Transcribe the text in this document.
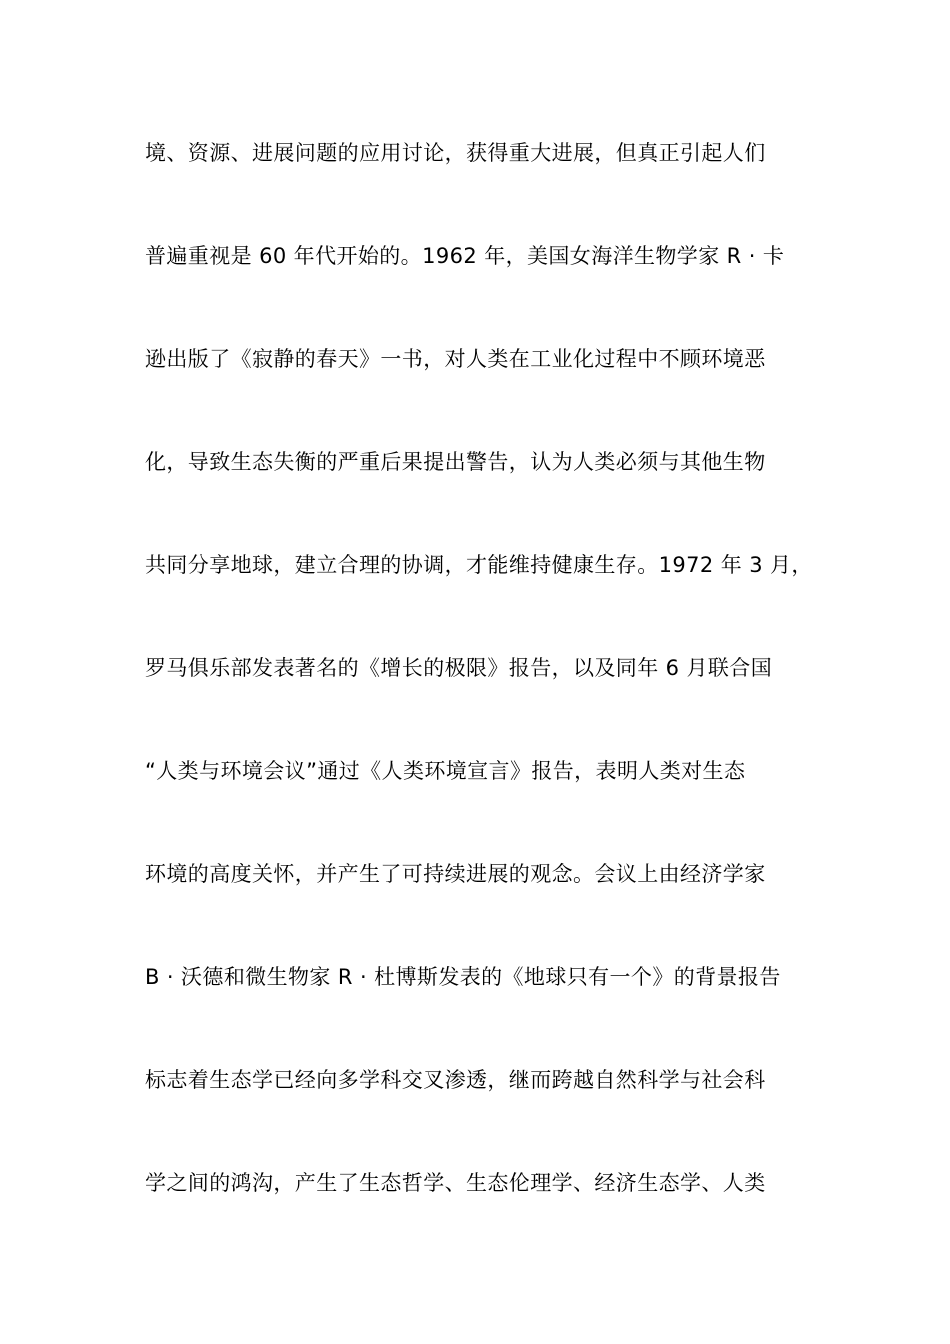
境、资源、进展问题的应用讨论，获得重大进展，但真正引起人们
普遍重视是 60 年代开始的。1962 年，美国女海洋生物学家 R · 卡
逊出版了《寂静的春天》一书，对人类在工业化过程中不顾环境恶
化，导致生态失衡的严重后果提出警告，认为人类必须与其他生物
共同分享地球，建立合理的协调，才能维持健康生存。1972 年 3 月，
罗马俱乐部发表著名的《增长的极限》报告，以及同年 6 月联合国
“人类与环境会议”通过《人类环境宣言》报告，表明人类对生态
环境的高度关怀，并产生了可持续进展的观念。会议上由经济学家
B · 沃德和微生物家 R · 杜博斯发表的《地球只有一个》的背景报告
标志着生态学已经向多学科交叉渗透，继而跨越自然科学与社会科
学之间的鸿沟，产生了生态哲学、生态伦理学、经济生态学、人类
